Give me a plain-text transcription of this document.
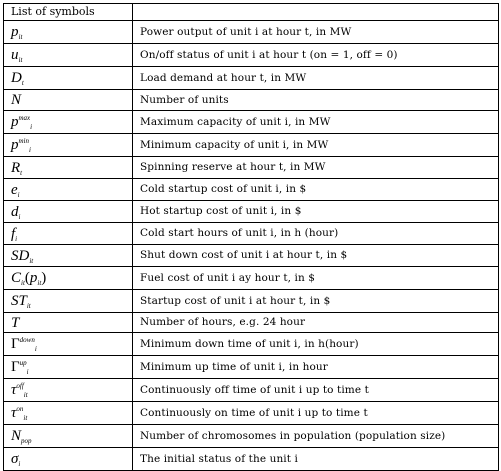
List of symbols	
$p_{it}$	Power output of unit i at hour t, in MW
$u_{it}$	On/off status of unit i at hour t (on = 1, off = 0)
$D_t$	Load demand at hour t, in MW
N	Number of units
$p^{max}_i$	Maximum capacity of unit i, in MW
$p^{min}_i$	Minimum capacity of unit i, in MW
$R_t$	Spinning reserve at hour t, in MW
$e_i$	Cold startup cost of unit i, in $
$d_i$	Hot startup cost of unit i, in $
$f_i$	Cold start hours of unit i, in h (hour)
$SD_{it}$	Shut down cost of unit i at hour t, in $
$C_{it}(p_{it})$	Fuel cost of unit i ay hour t, in $
$ST_{it}$	Startup cost of unit i at hour t, in $
T	Number of hours, e.g. 24 hour
$\Gamma^{down}_i$	Minimum down time of unit i, in h(hour)
$\Gamma^{up}_i$	Minimum up time of unit i, in hour
$\tau^{off}_{it}$	Continuously off time of unit i up to time t
$\tau^{on}_{it}$	Continuously on time of unit i up to time t
$N_{pop}$	Number of chromosomes in population (population size)
$\sigma_i$	The initial status of the unit i
